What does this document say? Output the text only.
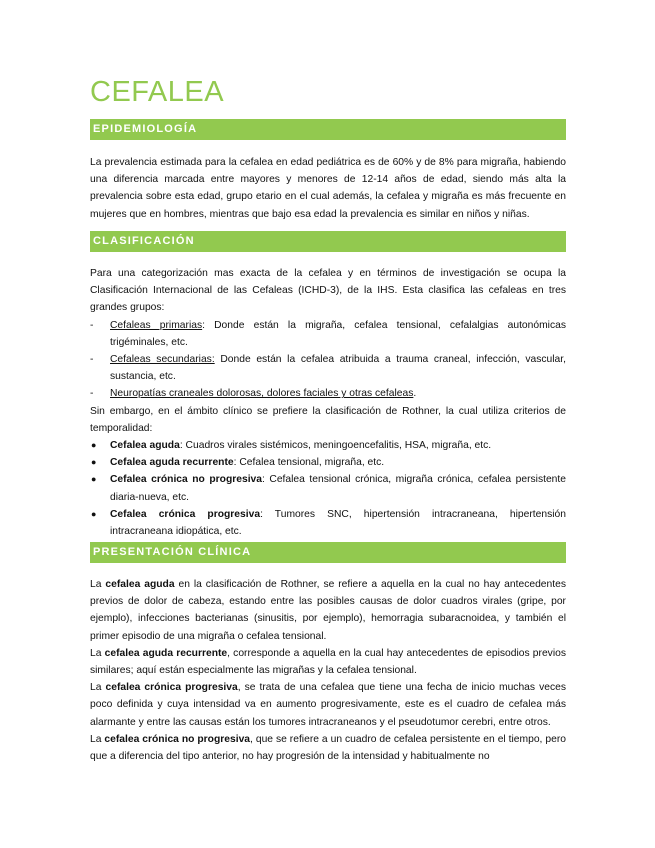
CEFALEA
EPIDEMIOLOGÍA

La prevalencia estimada para la cefalea en edad pediátrica es de 60% y de 8% para migraña, habiendo una diferencia marcada entre mayores y menores de 12-14 años de edad, siendo más alta la prevalencia sobre esta edad, grupo etario en el cual además, la cefalea y migraña es más frecuente en mujeres que en hombres, mientras que bajo esa edad la prevalencia es similar en niños y niñas.

CLASIFICACIÓN

Para una categorización mas exacta de la cefalea y en términos de investigación se ocupa la Clasificación Internacional de las Cefaleas (ICHD-3), de la IHS. Esta clasifica las cefaleas en tres grandes grupos:

- Cefaleas primarias: Donde están la migraña, cefalea tensional, cefalalgias autonómicas trigéminales, etc.
- Cefaleas secundarias: Donde están la cefalea atribuida a trauma craneal, infección, vascular, sustancia, etc.
- Neuropatías craneales dolorosas, dolores faciales y otras cefaleas.

Sin embargo, en el ámbito clínico se prefiere la clasificación de Rothner, la cual utiliza criterios de temporalidad:

● Cefalea aguda: Cuadros virales sistémicos, meningoencefalitis, HSA, migraña, etc.
● Cefalea aguda recurrente: Cefalea tensional, migraña, etc.
● Cefalea crónica no progresiva: Cefalea tensional crónica, migraña crónica, cefalea persistente diaria-nueva, etc.
● Cefalea crónica progresiva: Tumores SNC, hipertensión intracraneana, hipertensión intracraneana idiopática, etc.
PRESENTACIÓN CLÍNICA

La cefalea aguda en la clasificación de Rothner, se refiere a aquella en la cual no hay antecedentes previos de dolor de cabeza, estando entre las posibles causas de dolor cuadros virales (gripe, por ejemplo), infecciones bacterianas (sinusitis, por ejemplo), hemorragia subaracnoidea, y también el primer episodio de una migraña o cefalea tensional.

La cefalea aguda recurrente, corresponde a aquella en la cual hay antecedentes de episodios previos similares; aquí están especialmente las migrañas y la cefalea tensional.

La cefalea crónica progresiva, se trata de una cefalea que tiene una fecha de inicio muchas veces poco definida y cuya intensidad va en aumento progresivamente, este es el cuadro de cefalea más alarmante y entre las causas están los tumores intracraneanos y el pseudotumor cerebri, entre otros.

La cefalea crónica no progresiva, que se refiere a un cuadro de cefalea persistente en el tiempo, pero que a diferencia del tipo anterior, no hay progresión de la intensidad y habitualmente no
